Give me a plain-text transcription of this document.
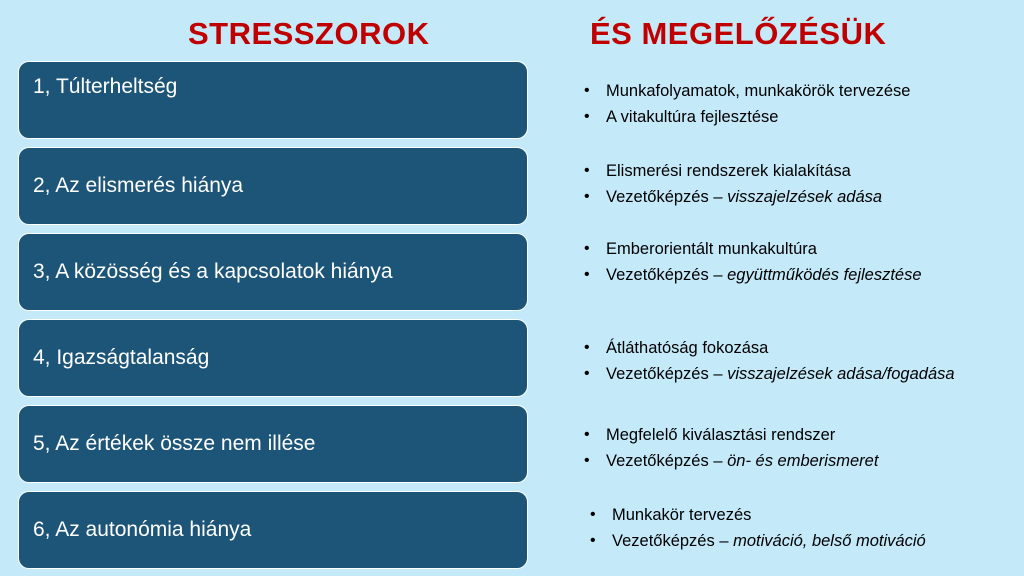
STRESSZOROK	ÉS MEGELŐZÉSÜK
1, Túlterheltség
2, Az elismerés hiánya
3, A közösség és a kapcsolatok hiánya
4, Igazságtalanság
5, Az értékek össze nem illése
6, Az autonómia hiánya
• Munkafolyamatok, munkakörök tervezése
• A vitakultúra fejlesztése
• Elismerési rendszerek kialakítása
• Vezetőképzés – visszajelzések adása
• Emberorientált munkakultúra
• Vezetőképzés – együttműködés fejlesztése
• Átláthatóság fokozása
• Vezetőképzés – visszajelzések adása/fogadása
• Megfelelő kiválasztási rendszer
• Vezetőképzés – ön- és emberismeret
• Munkakör tervezés
• Vezetőképzés – motiváció, belső motiváció
